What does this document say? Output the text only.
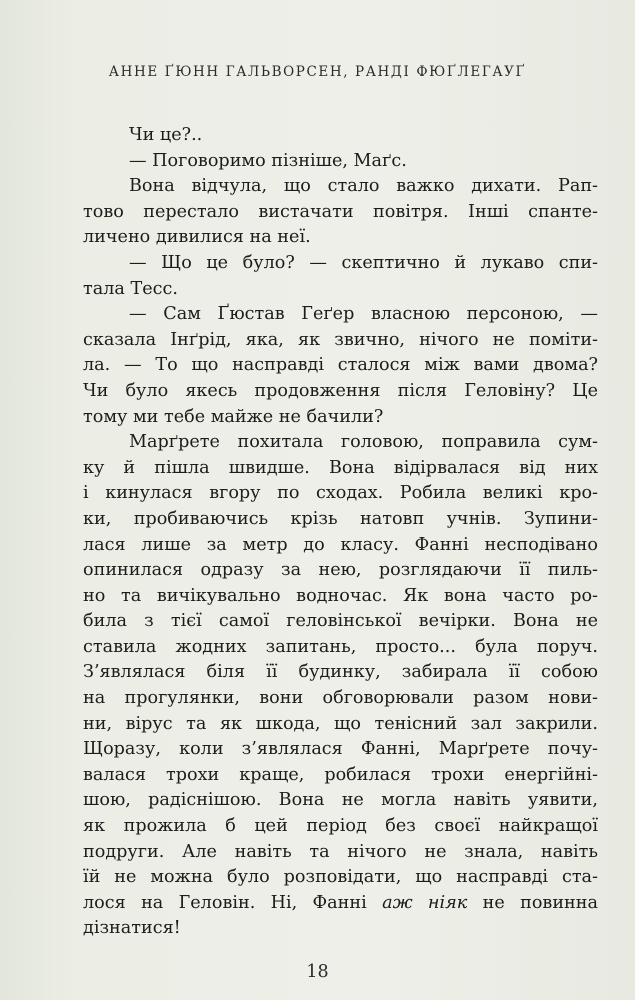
АННЕ ҐЮНН ГАЛЬВОРСЕН, РАНДІ ФЮҐЛЕГАУҐ
Чи це?..
— Поговоримо пізніше, Маґс.
Вона відчула, що стало важко дихати. Рап-
тово перестало вистачати повітря. Інші спанте-
личено дивилися на неї.
— Що це було? — скептично й лукаво спи-
тала Тесс.
— Сам Ґюстав Геґер власною персоною, —
сказала Інґрід, яка, як звично, нічого не поміти-
ла. — То що насправді сталося між вами двома?
Чи було якесь продовження після Геловіну? Це
тому ми тебе майже не бачили?
Марґрете похитала головою, поправила сум-
ку й пішла швидше. Вона відірвалася від них
і кинулася вгору по сходах. Робила великі кро-
ки, пробиваючись крізь натовп учнів. Зупини-
лася лише за метр до класу. Фанні несподівано
опинилася одразу за нею, розглядаючи її пиль-
но та вичікувально водночас. Як вона часто ро-
била з тієї самої геловінської вечірки. Вона не
ставила жодних запитань, просто... була поруч.
З’являлася біля її будинку, забирала її собою
на прогулянки, вони обговорювали разом нови-
ни, вірус та як шкода, що тенісний зал закрили.
Щоразу, коли з’являлася Фанні, Марґрете почу-
валася трохи краще, робилася трохи енергійні-
шою, радіснішою. Вона не могла навіть уявити,
як прожила б цей період без своєї найкращої
подруги. Але навіть та нічого не знала, навіть
їй не можна було розповідати, що насправді ста-
лося на Геловін. Ні, Фанні аж ніяк не повинна
дізнатися!
18
